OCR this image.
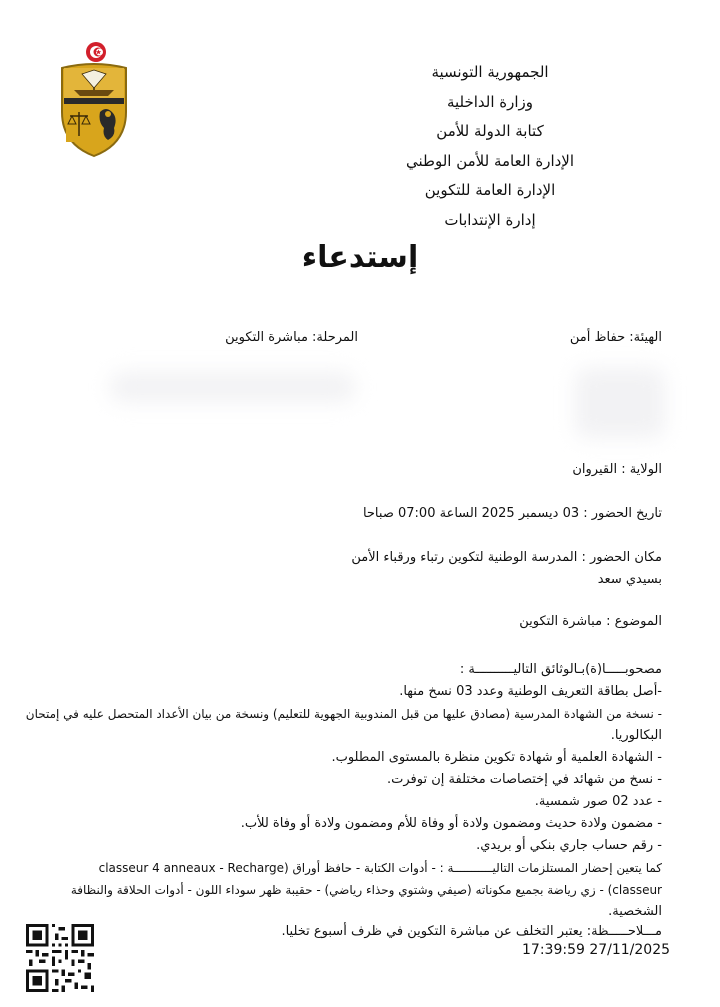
الجمهورية التونسية
وزارة الداخلية
كتابة الدولة للأمن
الإدارة العامة للأمن الوطني
الإدارة العامة للتكوين
إدارة الإنتدابات
إستدعاء
الهيئة: حفاظ أمن
المرحلة: مباشرة التكوين
الولاية : القيروان
تاريخ الحضور : 03 ديسمبر 2025 الساعة 07:00 صباحا
مكان الحضور : المدرسة الوطنية لتكوين رتباء ورقباء الأمن
بسيدي سعد
الموضوع : مباشرة التكوين
مصحوبـــــا(ة)بـالوثائق التاليــــــــــة :
-أصل بطاقة التعريف الوطنية وعدد 03 نسخ منها.
- نسخة من الشهادة المدرسية (مصادق عليها من قبل المندوبية الجهوية للتعليم) ونسخة من بيان الأعداد المتحصل عليه في إمتحان
البكالوريا.
- الشهادة العلمية أو شهادة تكوين منظرة بالمستوى المطلوب.
- نسخ من شهائد في إختصاصات مختلفة إن توفرت.
- عدد 02 صور شمسية.
- مضمون ولادة حديث ومضمون ولادة أو وفاة للأم ومضمون ولادة أو وفاة للأب.
- رقم حساب جاري بنكي أو بريدي.
كما يتعين إحضار المستلزمات التاليـــــــــــة : - أدوات الكتابة - حافظ أوراق (classeur 4 anneaux - Recharge
classeur) - زي رياضة بجميع مكوناته (صيفي وشتوي وحذاء رياضي) - حقيبة ظهر سوداء اللون - أدوات الحلاقة والنظافة
الشخصية.
مـــلاحـــــظة: يعتبر التخلف عن مباشرة التكوين في ظرف أسبوع تخليا.
17:39:59 27/11/2025
